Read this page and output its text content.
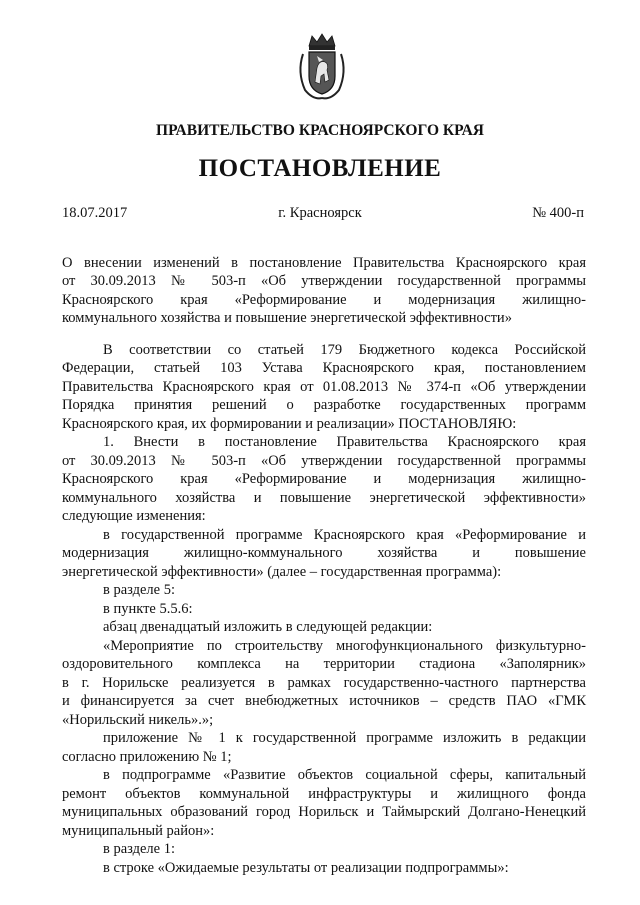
ПРАВИТЕЛЬСТВО КРАСНОЯРСКОГО КРАЯ
ПОСТАНОВЛЕНИЕ
18.07.2017	г. Красноярск	№ 400-п
О внесении изменений в постановление Правительства Красноярского края
от 30.09.2013 № 503-п «Об утверждении государственной программы
Красноярского края «Реформирование и модернизация жилищно-
коммунального хозяйства и повышение энергетической эффективности»
В соответствии со статьей 179 Бюджетного кодекса Российской
Федерации, статьей 103 Устава Красноярского края, постановлением
Правительства Красноярского края от 01.08.2013 № 374-п «Об утверждении
Порядка принятия решений о разработке государственных программ
Красноярского края, их формировании и реализации» ПОСТАНОВЛЯЮ:
1. Внести в постановление Правительства Красноярского края
от 30.09.2013 № 503-п «Об утверждении государственной программы
Красноярского края «Реформирование и модернизация жилищно-
коммунального хозяйства и повышение энергетической эффективности»
следующие изменения:
в государственной программе Красноярского края «Реформирование и
модернизация жилищно-коммунального хозяйства и повышение
энергетической эффективности» (далее – государственная программа):
в разделе 5:
в пункте 5.5.6:
абзац двенадцатый изложить в следующей редакции:
«Мероприятие по строительству многофункционального физкультурно-
оздоровительного комплекса на территории стадиона «Заполярник»
в г. Норильске реализуется в рамках государственно-частного партнерства
и финансируется за счет внебюджетных источников – средств ПАО «ГМК
«Норильский никель».»;
приложение № 1 к государственной программе изложить в редакции
согласно приложению № 1;
в подпрограмме «Развитие объектов социальной сферы, капитальный
ремонт объектов коммунальной инфраструктуры и жилищного фонда
муниципальных образований город Норильск и Таймырский Долгано-Ненецкий
муниципальный район»:
в разделе 1:
в строке «Ожидаемые результаты от реализации подпрограммы»:
